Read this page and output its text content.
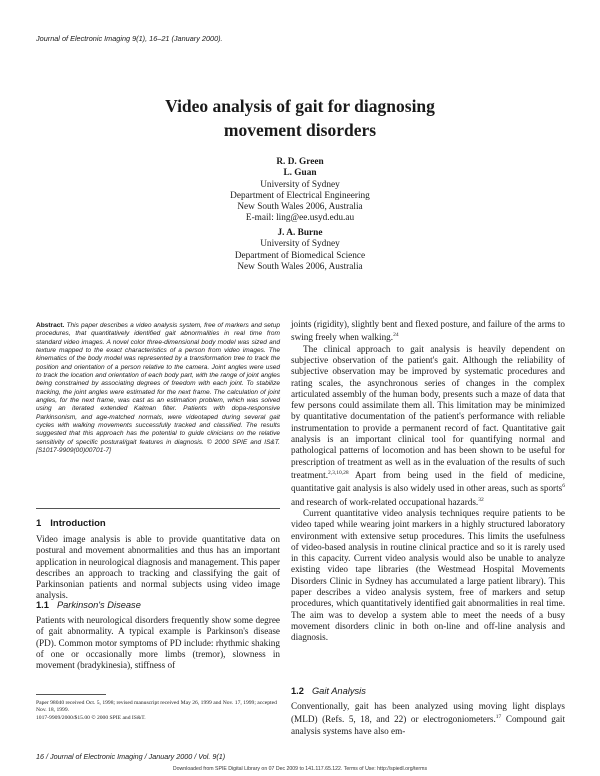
Journal of Electronic Imaging 9(1), 16–21 (January 2000).
Video analysis of gait for diagnosing
movement disorders
R. D. Green
L. Guan
University of Sydney
Department of Electrical Engineering
New South Wales 2006, Australia
E-mail: ling@ee.usyd.edu.au
J. A. Burne
University of Sydney
Department of Biomedical Science
New South Wales 2006, Australia
Abstract. This paper describes a video analysis system, free of markers and setup procedures, that quantitatively identified gait abnormalities in real time from standard video images. A novel color three-dimensional body model was sized and texture mapped to the exact characteristics of a person from video images. The kinematics of the body model was represented by a transformation tree to track the position and orientation of a person relative to the camera. Joint angles were used to track the location and orientation of each body part, with the range of joint angles being constrained by associating degrees of freedom with each joint. To stabilize tracking, the joint angles were estimated for the next frame. The calculation of joint angles, for the next frame, was cast as an estimation problem, which was solved using an iterated extended Kalman filter. Patients with dopa-responsive Parkinsonism, and age-matched normals, were videotaped during several gait cycles with walking movements successfully tracked and classified. The results suggested that this approach has the potential to guide clinicians on the relative sensitivity of specific postural/gait features in diagnosis. © 2000 SPIE and IS&T. [S1017-9909(00)00701-7]
1 Introduction

Video image analysis is able to provide quantitative data on postural and movement abnormalities and thus has an important application in neurological diagnosis and management. This paper describes an approach to tracking and classifying the gait of Parkinsonian patients and normal subjects using video image analysis.

1.1 Parkinson's Disease

Patients with neurological disorders frequently show some degree of gait abnormality. A typical example is Parkinson's disease (PD). Common motor symptoms of PD include: rhythmic shaking of one or occasionally more limbs (tremor), slowness in movement (bradykinesia), stiffness of

Paper 98040 received Oct. 5, 1998; revised manuscript received May 26, 1999 and Nov. 17, 1999; accepted Nov. 18, 1999.
1017-9909/2000/$15.00 © 2000 SPIE and IS&T.

joints (rigidity), slightly bent and flexed posture, and failure of the arms to swing freely when walking.$^{24}$

The clinical approach to gait analysis is heavily dependent on subjective observation of the patient's gait. Although the reliability of subjective observation may be improved by systematic procedures and rating scales, the asynchronous series of changes in the complex articulated assembly of the human body, presents such a maze of data that few persons could assimilate them all. This limitation may be minimized by quantitative documentation of the patient's performance with reliable instrumentation to provide a permanent record of fact. Quantitative gait analysis is an important clinical tool for quantifying normal and pathological patterns of locomotion and has been shown to be useful for prescription of treatment as well as in the evaluation of the results of such treatment.$^{2,3,10,28}$ Apart from being used in the field of medicine, quantitative gait analysis is also widely used in other areas, such as sports$^6$ and research of work-related occupational hazards.$^{32}$

Current quantitative video analysis techniques require patients to be video taped while wearing joint markers in a highly structured laboratory environment with extensive setup procedures. This limits the usefulness of video-based analysis in routine clinical practice and so it is rarely used in this capacity. Current video analysis would also be unable to analyze existing video tape libraries (the Westmead Hospital Movements Disorders Clinic in Sydney has accumulated a large patient library). This paper describes a video analysis system, free of markers and setup procedures, which quantitatively identified gait abnormalities in real time. The aim was to develop a system able to meet the needs of a busy movement disorders clinic in both on-line and off-line analysis and diagnosis.

1.2 Gait Analysis

Conventionally, gait has been analyzed using moving light displays (MLD) (Refs. 5, 18, and 22) or electrogoniometers.$^{17}$ Compound gait analysis systems have also em-

16 / Journal of Electronic Imaging / January 2000 / Vol. 9(1)
Downloaded from SPIE Digital Library on 07 Dec 2009 to 141.117.65.122. Terms of Use: http://spiedl.org/terms
